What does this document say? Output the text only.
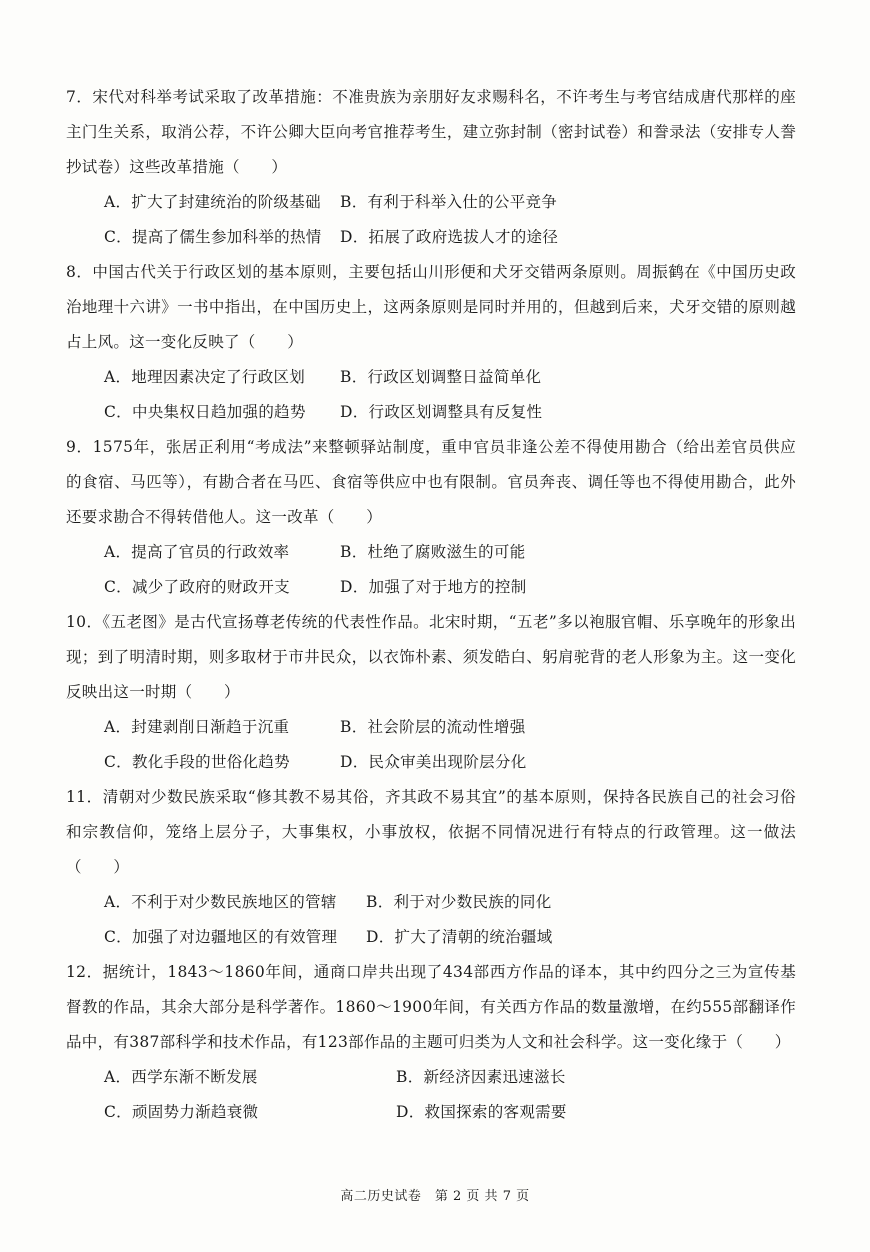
7．宋代对科举考试采取了改革措施：不准贵族为亲朋好友求赐科名，不许考生与考官结成唐代那样的座主门生关系，取消公荐，不许公卿大臣向考官推荐考生，建立弥封制（密封试卷）和誊录法（安排专人誊抄试卷）这些改革措施（　　）

A．扩大了封建统治的阶级基础	B．有利于科举入仕的公平竞争
C．提高了儒生参加科举的热情	D．拓展了政府选拔人才的途径

8．中国古代关于行政区划的基本原则，主要包括山川形便和犬牙交错两条原则。周振鹤在《中国历史政治地理十六讲》一书中指出，在中国历史上，这两条原则是同时并用的，但越到后来，犬牙交错的原则越占上风。这一变化反映了（　　）

A．地理因素决定了行政区划	B．行政区划调整日益简单化
C．中央集权日趋加强的趋势	D．行政区划调整具有反复性

9．1575年，张居正利用“考成法”来整顿驿站制度，重申官员非逢公差不得使用勘合（给出差官员供应的食宿、马匹等），有勘合者在马匹、食宿等供应中也有限制。官员奔丧、调任等也不得使用勘合，此外还要求勘合不得转借他人。这一改革（　　）

A．提高了官员的行政效率	B．杜绝了腐败滋生的可能
C．减少了政府的财政开支	D．加强了对于地方的控制

10．《五老图》是古代宣扬尊老传统的代表性作品。北宋时期，“五老”多以袍服官帽、乐享晚年的形象出现；到了明清时期，则多取材于市井民众，以衣饰朴素、须发皓白、躬肩驼背的老人形象为主。这一变化反映出这一时期（　　）

A．封建剥削日渐趋于沉重	B．社会阶层的流动性增强
C．教化手段的世俗化趋势	D．民众审美出现阶层分化

11．清朝对少数民族采取“修其教不易其俗，齐其政不易其宜”的基本原则，保持各民族自己的社会习俗和宗教信仰，笼络上层分子，大事集权，小事放权，依据不同情况进行有特点的行政管理。这一做法（　　）

A．不利于对少数民族地区的管辖	B．利于对少数民族的同化
C．加强了对边疆地区的有效管理	D．扩大了清朝的统治疆域

12．据统计，1843～1860年间，通商口岸共出现了434部西方作品的译本，其中约四分之三为宣传基督教的作品，其余大部分是科学著作。1860～1900年间，有关西方作品的数量激增，在约555部翻译作品中，有387部科学和技术作品，有123部作品的主题可归类为人文和社会科学。这一变化缘于（　　）

A．西学东渐不断发展	B．新经济因素迅速滋长
C．顽固势力渐趋衰微	D．救国探索的客观需要
高二历史试卷　第 2 页 共 7 页
